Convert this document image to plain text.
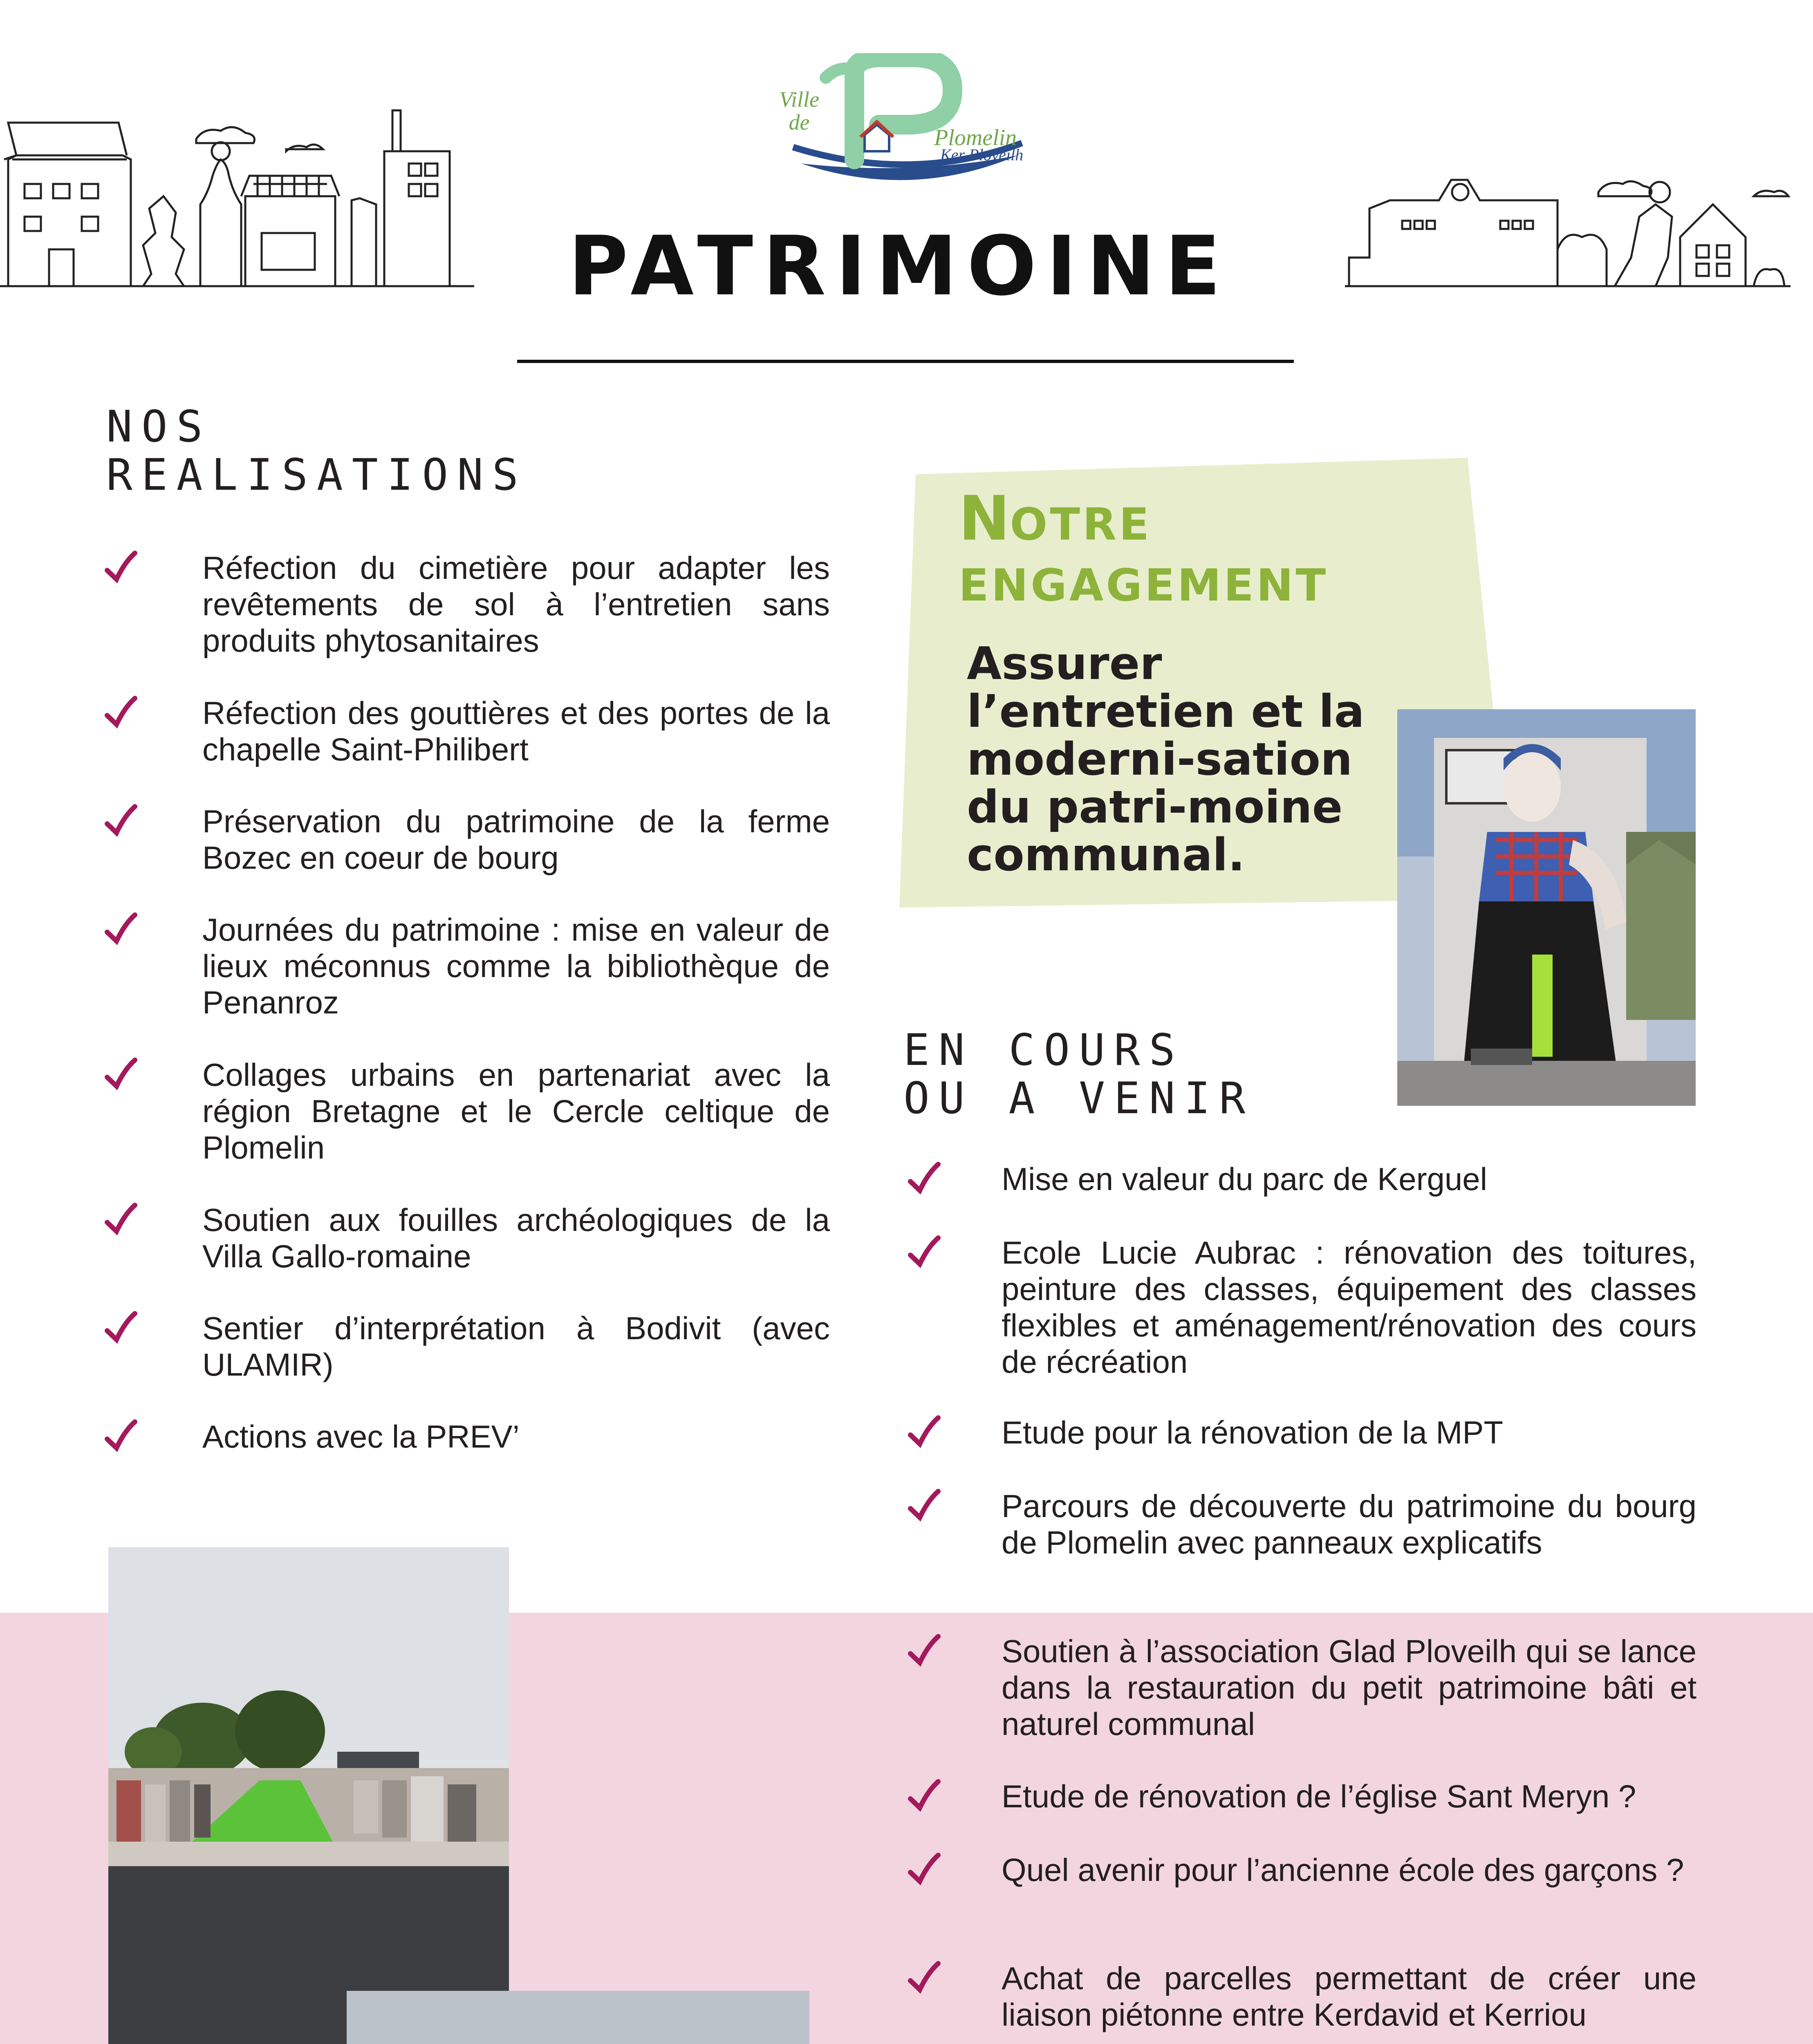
Ville
de
Plomelin
Ker Ploveilh
PATRIMOINE
NOS
REALISATIONS
Réfection du cimetière pour adapter les revêtements de sol à l’entretien sans produits phytosanitaires
Réfection des gouttières et des portes de la chapelle Saint-Philibert
Préservation du patrimoine de la ferme Bozec en coeur de bourg
Journées du patrimoine : mise en valeur de lieux méconnus comme la bibliothèque de Penanroz
Collages urbains en partenariat avec la région Bretagne et le Cercle celtique de Plomelin
Soutien aux fouilles archéologiques de la Villa Gallo-romaine
Sentier d’interprétation à Bodivit (avec ULAMIR)
Actions avec la PREV’
NOTRE
ENGAGEMENT
Assurer l’entretien et la moderni-sation du patri-moine communal.
EN COURS
OU A VENIR
Mise en valeur du parc de Kerguel
Ecole Lucie Aubrac : rénovation des toitures, peinture des classes, équipement des classes flexibles et aménagement/rénovation des cours de récréation
Etude pour la rénovation de la MPT
Parcours de découverte du patrimoine du bourg de Plomelin avec panneaux explicatifs
Soutien à l’association Glad Ploveilh qui se lance dans la restauration du petit patrimoine bâti et naturel communal
Etude de rénovation de l’église Sant Meryn ?
Quel avenir pour l’ancienne école des garçons ?
Achat de parcelles permettant de créer une liaison piétonne entre Kerdavid et Kerriou
